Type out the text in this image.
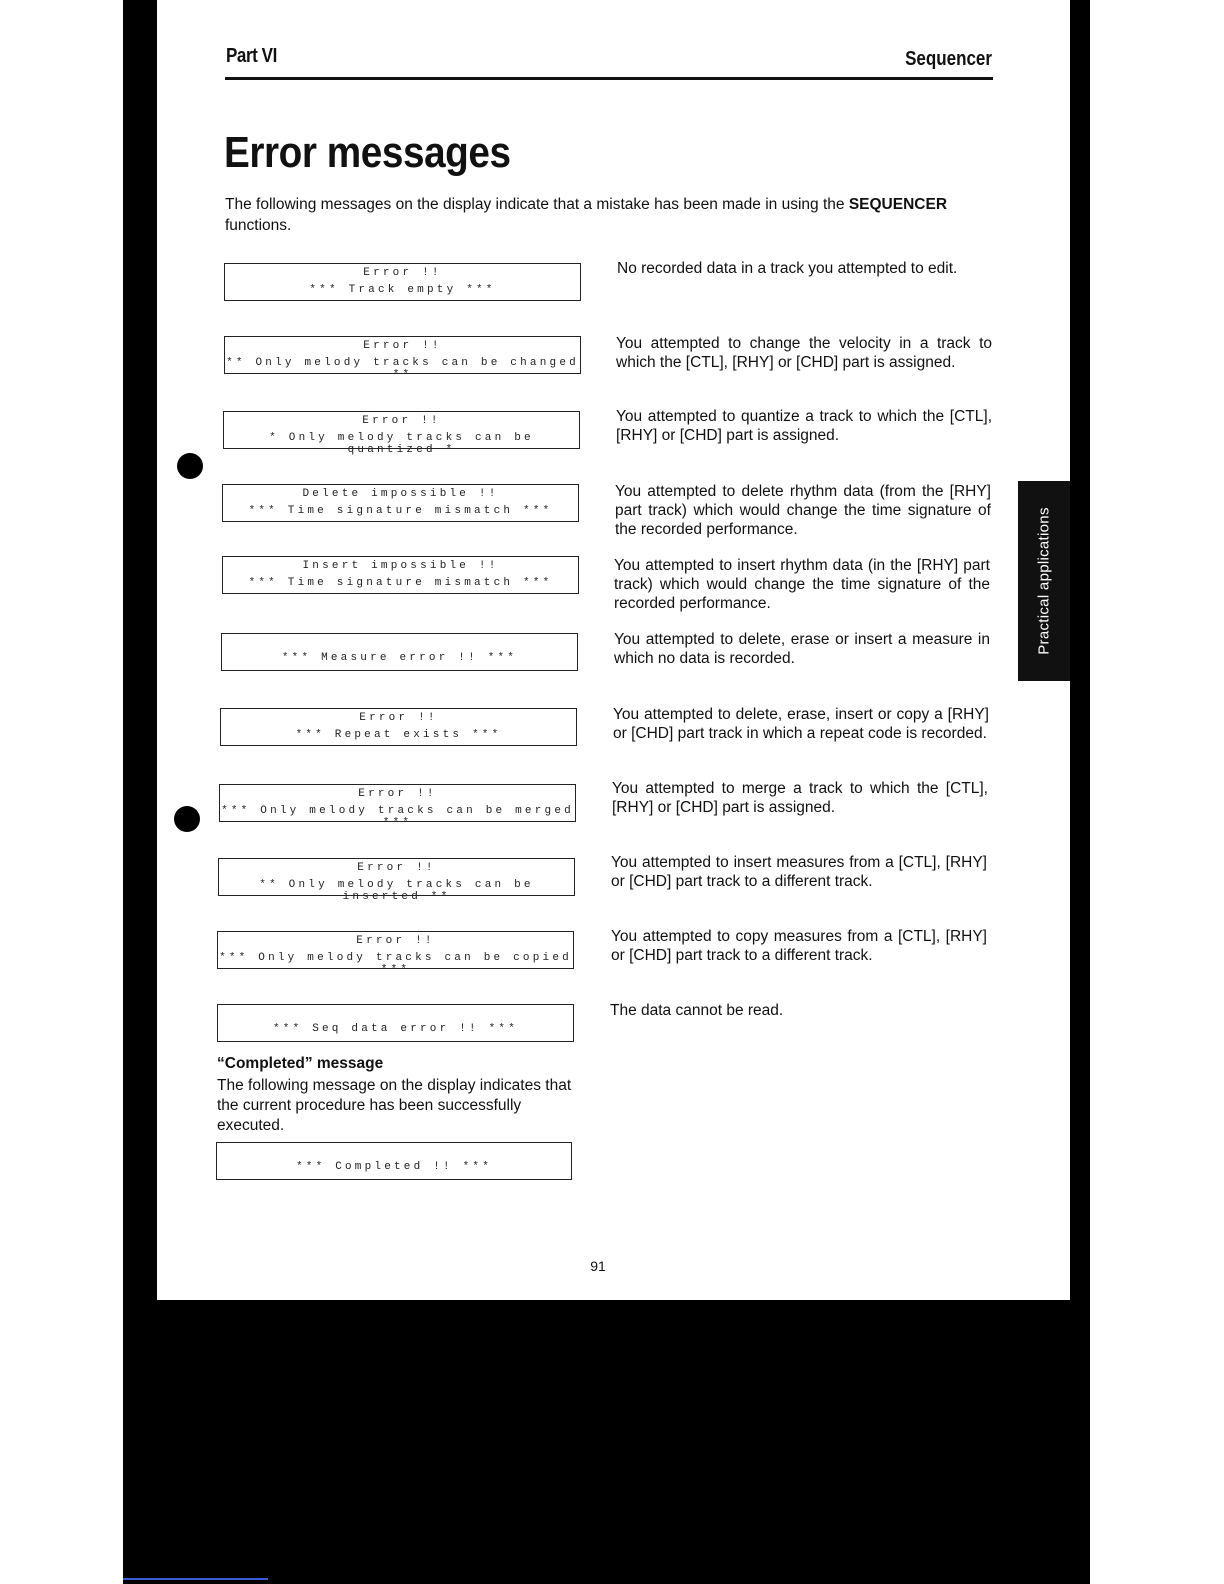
Part VI	Sequencer
Error messages
The following messages on the display indicate that a mistake has been made in using the SEQUENCER functions.
Error !!
*** Track empty ***
No recorded data in a track you attempted to edit.
Error !!
** Only melody tracks can be changed **
You attempted to change the velocity in a track to which the [CTL], [RHY] or [CHD] part is assigned.
Error !!
* Only melody tracks can be quantized *
You attempted to quantize a track to which the [CTL], [RHY] or [CHD] part is assigned.
Delete impossible !!
*** Time signature mismatch ***
You attempted to delete rhythm data (from the [RHY] part track) which would change the time signature of the recorded performance.
Insert impossible !!
*** Time signature mismatch ***
You attempted to insert rhythm data (in the [RHY] part track) which would change the time signature of the recorded performance.
*** Measure error !! ***
You attempted to delete, erase or insert a measure in which no data is recorded.
Error !!
*** Repeat exists ***
You attempted to delete, erase, insert or copy a [RHY] or [CHD] part track in which a repeat code is recorded.
Error !!
*** Only melody tracks can be merged ***
You attempted to merge a track to which the [CTL], [RHY] or [CHD] part is assigned.
Error !!
** Only melody tracks can be inserted **
You attempted to insert measures from a [CTL], [RHY] or [CHD] part track to a different track.
Error !!
*** Only melody tracks can be copied ***
You attempted to copy measures from a [CTL], [RHY] or [CHD] part track to a different track.
*** Seq data error !! ***
The data cannot be read.
“Completed” message
The following message on the display indicates that the current procedure has been successfully executed.
*** Completed !! ***
Practical applications
91
